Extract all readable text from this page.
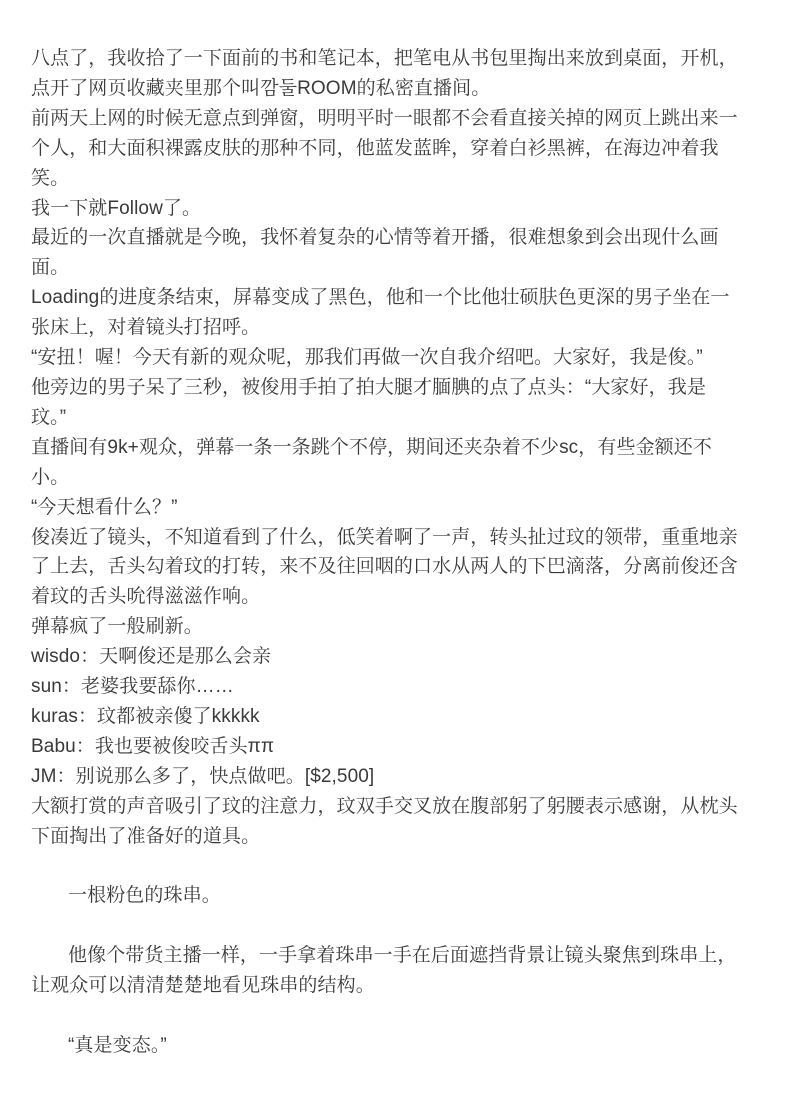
八点了，我收拾了一下面前的书和笔记本，把笔电从书包里掏出来放到桌面，开机，
点开了网页收藏夹里那个叫깜둘ROOM的私密直播间。
前两天上网的时候无意点到弹窗，明明平时一眼都不会看直接关掉的网页上跳出来一
个人，和大面积裸露皮肤的那种不同，他蓝发蓝眸，穿着白衫黑裤，在海边冲着我
笑。
我一下就Follow了。
最近的一次直播就是今晚，我怀着复杂的心情等着开播，很难想象到会出现什么画
面。
Loading的进度条结束，屏幕变成了黑色，他和一个比他壮硕肤色更深的男子坐在一
张床上，对着镜头打招呼。
“安扭！喔！今天有新的观众呢，那我们再做一次自我介绍吧。大家好，我是俊。”
他旁边的男子呆了三秒，被俊用手拍了拍大腿才腼腆的点了点头：“大家好，我是
玟。”
直播间有9k+观众，弹幕一条一条跳个不停，期间还夹杂着不少sc，有些金额还不
小。
“今天想看什么？”
俊凑近了镜头，不知道看到了什么，低笑着啊了一声，转头扯过玟的领带，重重地亲
了上去，舌头勾着玟的打转，来不及往回咽的口水从两人的下巴滴落，分离前俊还含
着玟的舌头吮得滋滋作响。
弹幕疯了一般刷新。
wisdo：天啊俊还是那么会亲
sun：老婆我要舔你……
kuras：玟都被亲傻了kkkkk
Babu：我也要被俊咬舌头ππ
JM：别说那么多了，快点做吧。[$2,500]
大额打赏的声音吸引了玟的注意力，玟双手交叉放在腹部躬了躬腰表示感谢，从枕头
下面掏出了准备好的道具。
一根粉色的珠串。
他像个带货主播一样，一手拿着珠串一手在后面遮挡背景让镜头聚焦到珠串上，
让观众可以清清楚楚地看见珠串的结构。
“真是变态。”
